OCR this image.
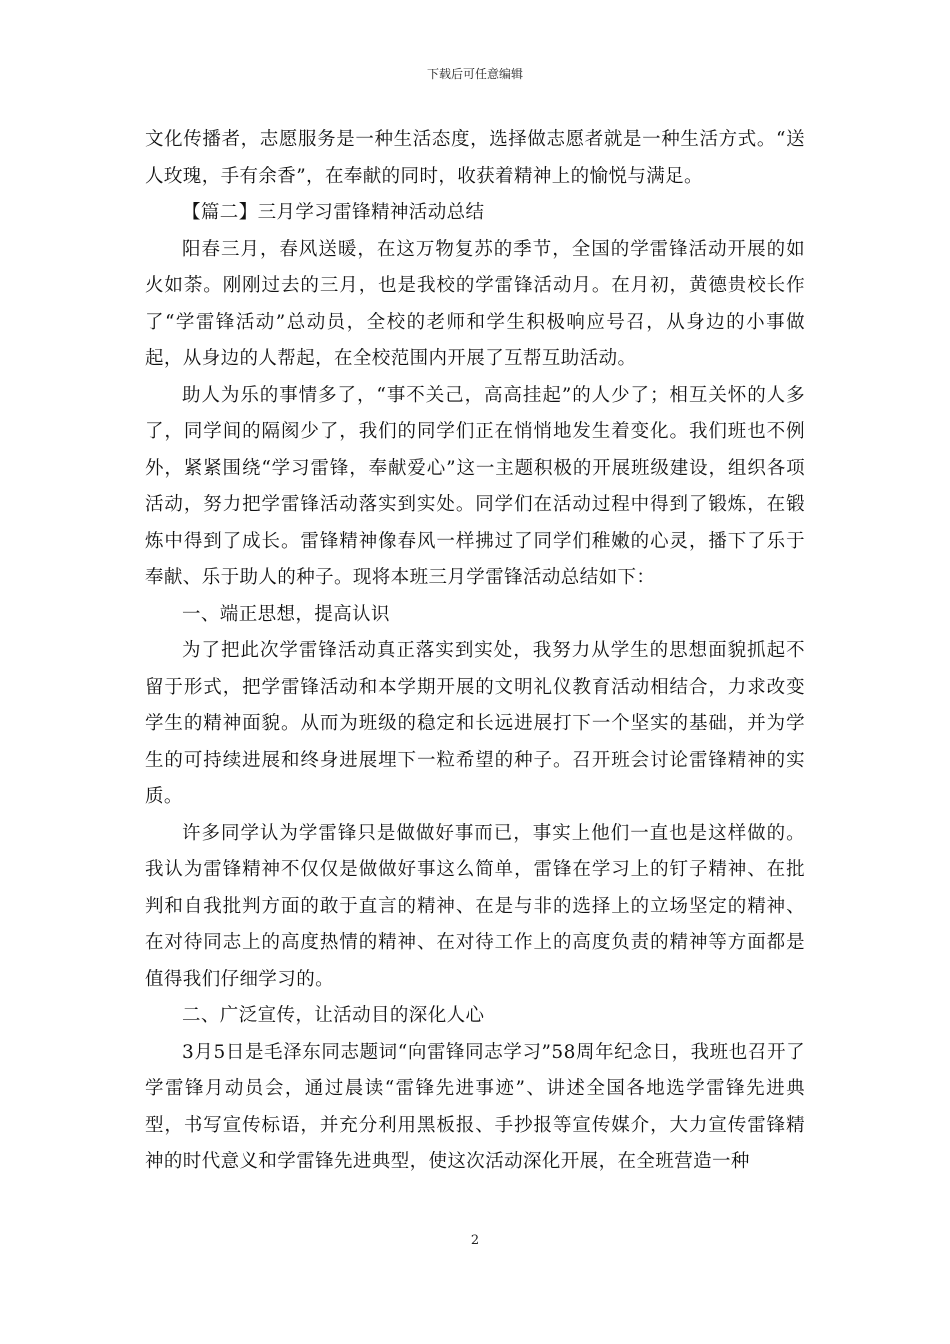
下载后可任意编辑

文化传播者，志愿服务是一种生活态度，选择做志愿者就是一种生活方式。“送人玫瑰，手有余香”，在奉献的同时，收获着精神上的愉悦与满足。

【篇二】三月学习雷锋精神活动总结

阳春三月，春风送暖，在这万物复苏的季节，全国的学雷锋活动开展的如火如荼。刚刚过去的三月，也是我校的学雷锋活动月。在月初，黄德贵校长作了“学雷锋活动”总动员，全校的老师和学生积极响应号召，从身边的小事做起，从身边的人帮起，在全校范围内开展了互帮互助活动。

助人为乐的事情多了，“事不关己，高高挂起”的人少了；相互关怀的人多了，同学间的隔阂少了，我们的同学们正在悄悄地发生着变化。我们班也不例外，紧紧围绕“学习雷锋，奉献爱心”这一主题积极的开展班级建设，组织各项活动，努力把学雷锋活动落实到实处。同学们在活动过程中得到了锻炼，在锻炼中得到了成长。雷锋精神像春风一样拂过了同学们稚嫩的心灵，播下了乐于奉献、乐于助人的种子。现将本班三月学雷锋活动总结如下：

一、端正思想，提高认识

为了把此次学雷锋活动真正落实到实处，我努力从学生的思想面貌抓起不留于形式，把学雷锋活动和本学期开展的文明礼仪教育活动相结合，力求改变学生的精神面貌。从而为班级的稳定和长远进展打下一个坚实的基础，并为学生的可持续进展和终身进展埋下一粒希望的种子。召开班会讨论雷锋精神的实质。

许多同学认为学雷锋只是做做好事而已，事实上他们一直也是这样做的。我认为雷锋精神不仅仅是做做好事这么简单，雷锋在学习上的钉子精神、在批判和自我批判方面的敢于直言的精神、在是与非的选择上的立场坚定的精神、在对待同志上的高度热情的精神、在对待工作上的高度负责的精神等方面都是值得我们仔细学习的。

二、广泛宣传，让活动目的深化人心

3月5日是毛泽东同志题词“向雷锋同志学习”58周年纪念日，我班也召开了学雷锋月动员会，通过晨读“雷锋先进事迹”、讲述全国各地选学雷锋先进典型，书写宣传标语，并充分利用黑板报、手抄报等宣传媒介，大力宣传雷锋精神的时代意义和学雷锋先进典型，使这次活动深化开展，在全班营造一种

2
